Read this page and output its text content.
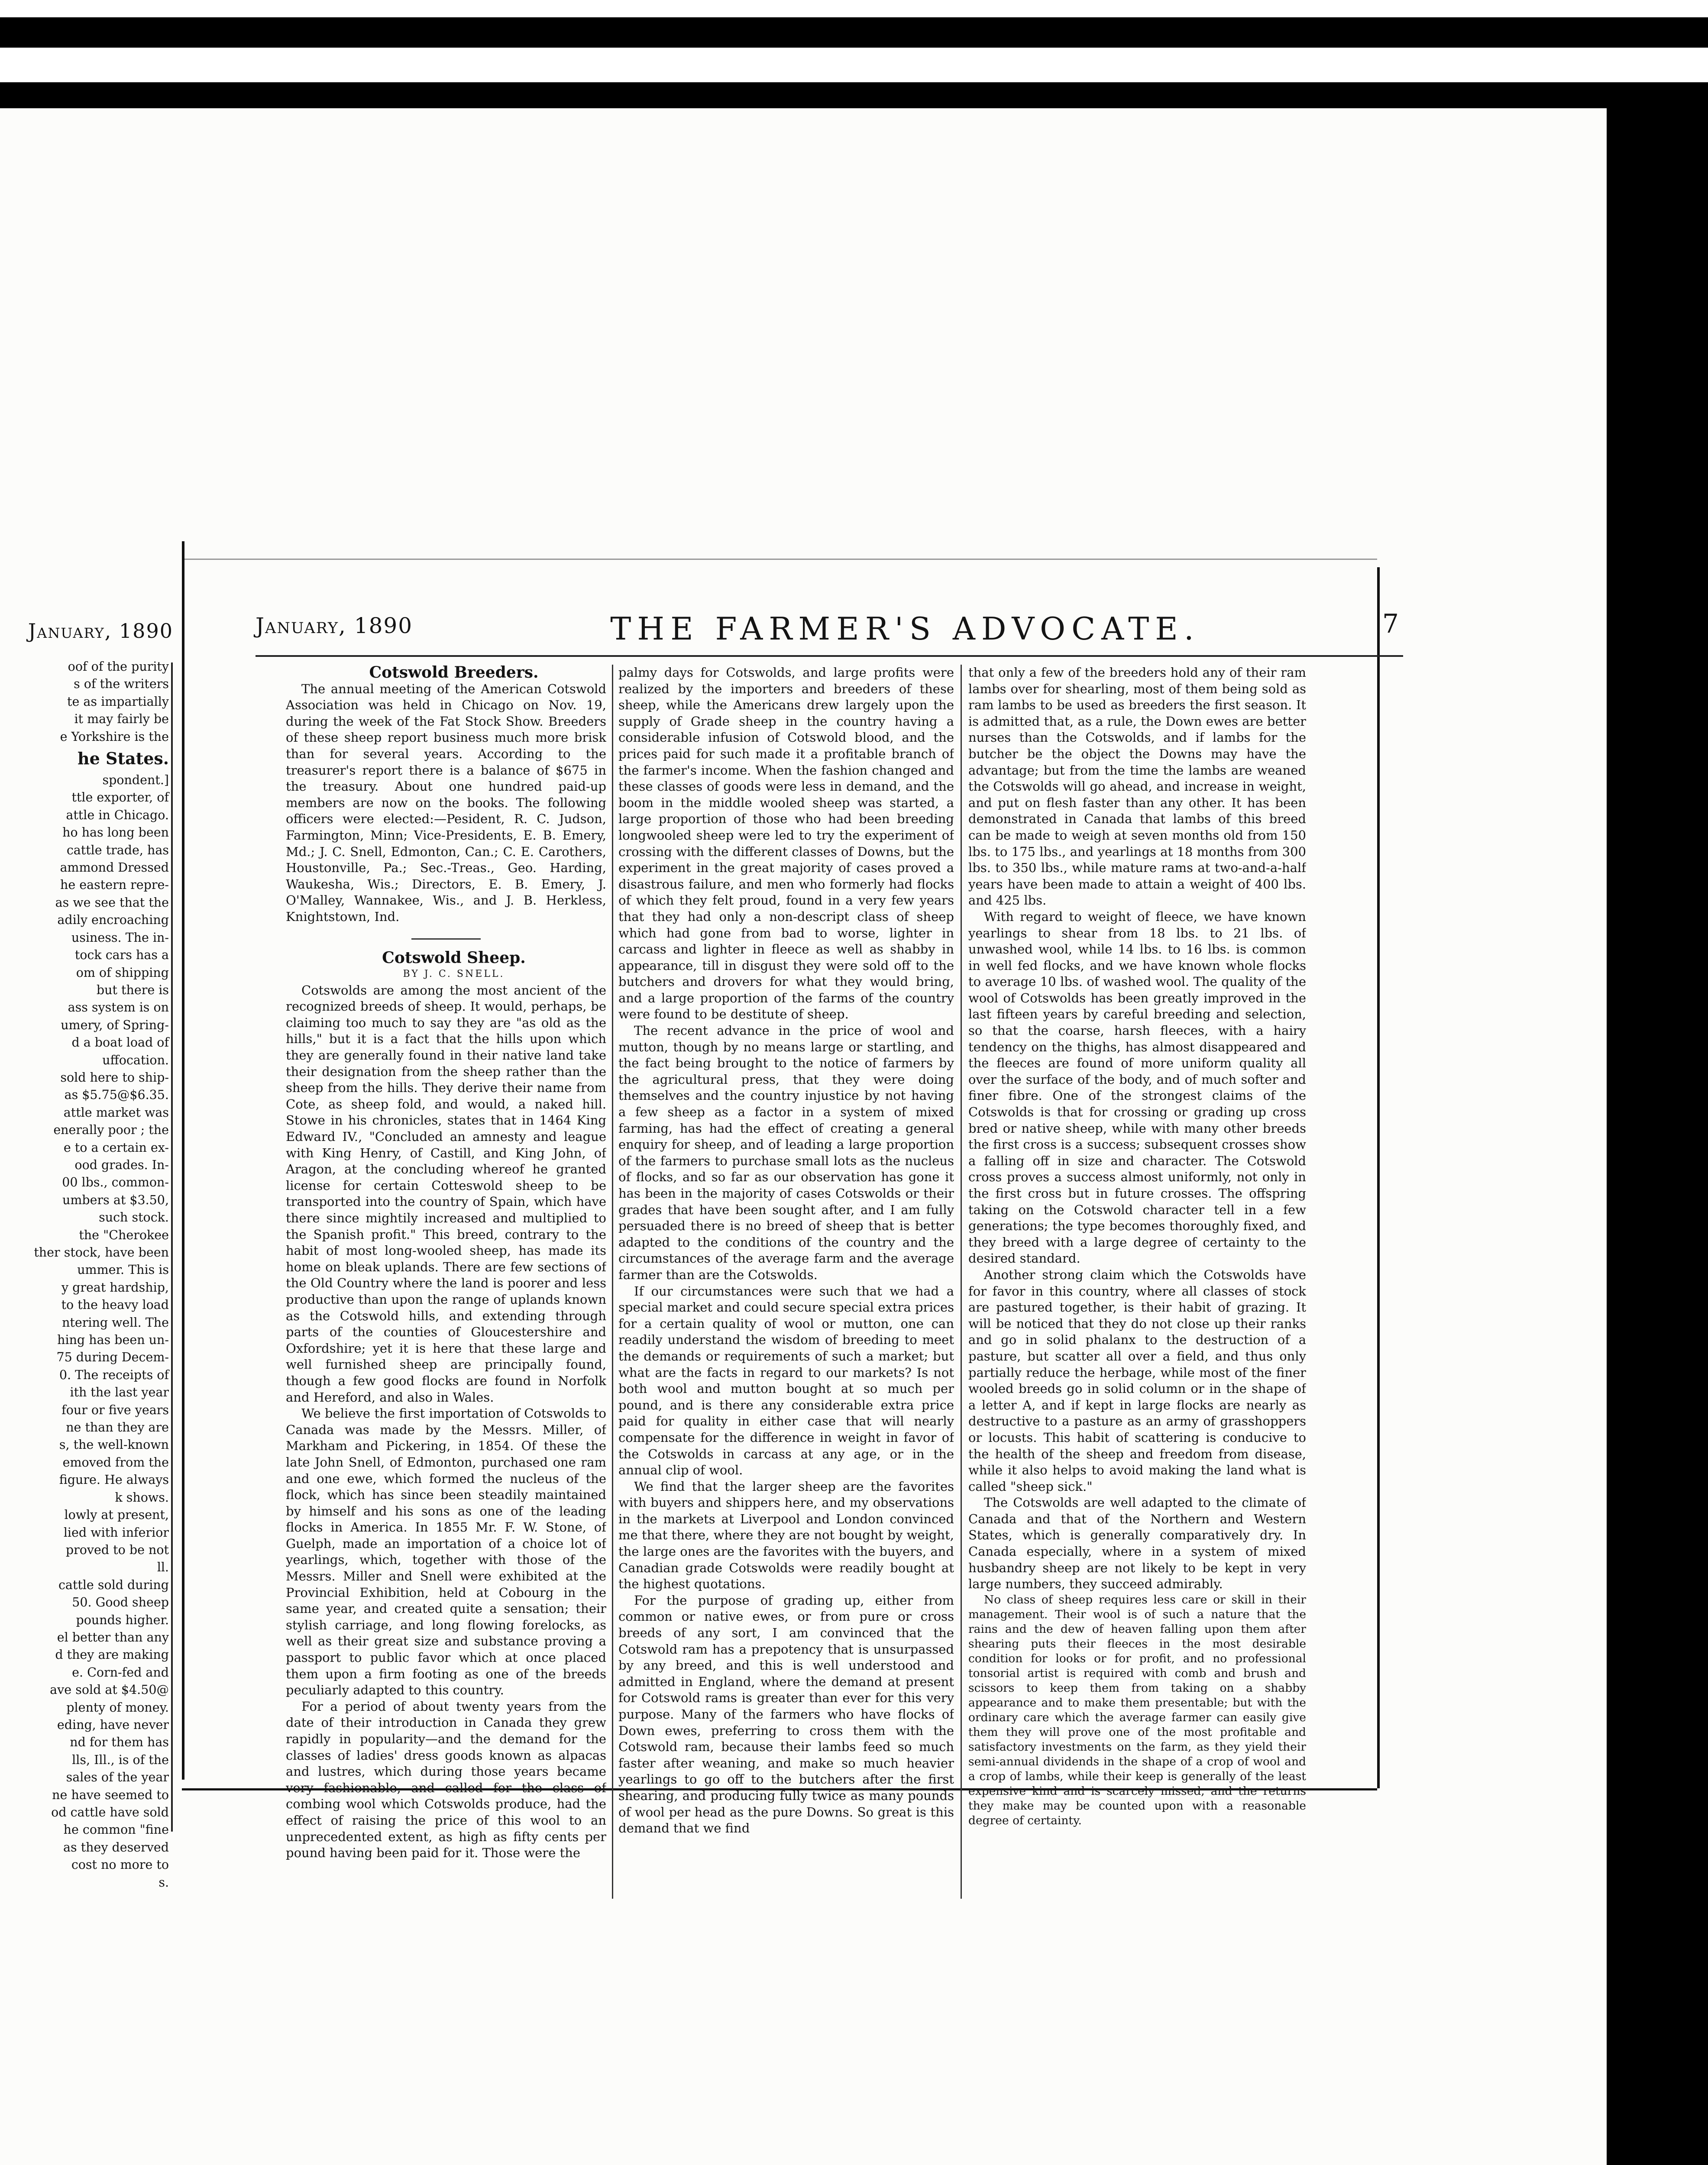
January, 1890
oof of the purity
s of the writers
te as impartially
it may fairly be
e Yorkshire is the
he States.
spondent.]
ttle exporter, of
attle in Chicago.
ho has long been
cattle trade, has
ammond Dressed
he eastern repre-
as we see that the
adily encroaching
usiness. The in-
tock cars has a
om of shipping
but there is
ass system is on
umery, of Spring-
d a boat load of
uffocation.
sold here to ship-
as $5.75@$6.35.
attle market was
enerally poor ; the
e to a certain ex-
ood grades. In-
00 lbs., common-
umbers at $3.50,
such stock.
the "Cherokee
ther stock, have been
ummer. This is
y great hardship,
to the heavy load
ntering well. The
hing has been un-
75 during Decem-
0. The receipts of
ith the last year
four or five years
ne than they are
s, the well-known
emoved from the
figure. He always
k shows.
lowly at present,
lied with inferior
proved to be not
ll.
cattle sold during
50. Good sheep
pounds higher.
el better than any
d they are making
e. Corn-fed and
ave sold at $4.50@
plenty of money.
eding, have never
nd for them has
lls, Ill., is of the
sales of the year
ne have seemed to
od cattle have sold
he common "fine
as they deserved
cost no more to
s.
January, 1890	THE FARMER'S ADVOCATE.	7

Cotswold Breeders.

The annual meeting of the American Cotswold Association was held in Chicago on Nov. 19, during the week of the Fat Stock Show. Breeders of these sheep report business much more brisk than for several years. According to the treasurer's report there is a balance of $675 in the treasury. About one hundred paid-up members are now on the books. The following officers were elected:—Pesident, R. C. Judson, Farmington, Minn; Vice-Presidents, E. B. Emery, Md.; J. C. Snell, Edmonton, Can.; C. E. Carothers, Houstonville, Pa.; Sec.-Treas., Geo. Harding, Waukesha, Wis.; Directors, E. B. Emery, J. O'Malley, Wannakee, Wis., and J. B. Herkless, Knightstown, Ind.

Cotswold Sheep.

BY J. C. SNELL.

Cotswolds are among the most ancient of the recognized breeds of sheep. It would, perhaps, be claiming too much to say they are "as old as the hills," but it is a fact that the hills upon which they are generally found in their native land take their designation from the sheep rather than the sheep from the hills. They derive their name from Cote, as sheep fold, and would, a naked hill. Stowe in his chronicles, states that in 1464 King Edward IV., "Concluded an amnesty and league with King Henry, of Castill, and King John, of Aragon, at the concluding whereof he granted license for certain Cotteswold sheep to be transported into the country of Spain, which have there since mightily increased and multiplied to the Spanish profit." This breed, contrary to the habit of most long-wooled sheep, has made its home on bleak uplands. There are few sections of the Old Country where the land is poorer and less productive than upon the range of uplands known as the Cotswold hills, and extending through parts of the counties of Gloucestershire and Oxfordshire; yet it is here that these large and well furnished sheep are principally found, though a few good flocks are found in Norfolk and Hereford, and also in Wales.

We believe the first importation of Cotswolds to Canada was made by the Messrs. Miller, of Markham and Pickering, in 1854. Of these the late John Snell, of Edmonton, purchased one ram and one ewe, which formed the nucleus of the flock, which has since been steadily maintained by himself and his sons as one of the leading flocks in America. In 1855 Mr. F. W. Stone, of Guelph, made an importation of a choice lot of yearlings, which, together with those of the Messrs. Miller and Snell were exhibited at the Provincial Exhibition, held at Cobourg in the same year, and created quite a sensation; their stylish carriage, and long flowing forelocks, as well as their great size and substance proving a passport to public favor which at once placed them upon a firm footing as one of the breeds peculiarly adapted to this country.

For a period of about twenty years from the date of their introduction in Canada they grew rapidly in popularity—and the demand for the classes of ladies' dress goods known as alpacas and lustres, which during those years became very fashionable, and called for the class of combing wool which Cotswolds produce, had the effect of raising the price of this wool to an unprecedented extent, as high as fifty cents per pound having been paid for it. Those were the

palmy days for Cotswolds, and large profits were realized by the importers and breeders of these sheep, while the Americans drew largely upon the supply of Grade sheep in the country having a considerable infusion of Cotswold blood, and the prices paid for such made it a profitable branch of the farmer's income. When the fashion changed and these classes of goods were less in demand, and the boom in the middle wooled sheep was started, a large proportion of those who had been breeding longwooled sheep were led to try the experiment of crossing with the different classes of Downs, but the experiment in the great majority of cases proved a disastrous failure, and men who formerly had flocks of which they felt proud, found in a very few years that they had only a non-descript class of sheep which had gone from bad to worse, lighter in carcass and lighter in fleece as well as shabby in appearance, till in disgust they were sold off to the butchers and drovers for what they would bring, and a large proportion of the farms of the country were found to be destitute of sheep.

The recent advance in the price of wool and mutton, though by no means large or startling, and the fact being brought to the notice of farmers by the agricultural press, that they were doing themselves and the country injustice by not having a few sheep as a factor in a system of mixed farming, has had the effect of creating a general enquiry for sheep, and of leading a large proportion of the farmers to purchase small lots as the nucleus of flocks, and so far as our observation has gone it has been in the majority of cases Cotswolds or their grades that have been sought after, and I am fully persuaded there is no breed of sheep that is better adapted to the conditions of the country and the circumstances of the average farm and the average farmer than are the Cotswolds.

If our circumstances were such that we had a special market and could secure special extra prices for a certain quality of wool or mutton, one can readily understand the wisdom of breeding to meet the demands or requirements of such a market; but what are the facts in regard to our markets? Is not both wool and mutton bought at so much per pound, and is there any considerable extra price paid for quality in either case that will nearly compensate for the difference in weight in favor of the Cotswolds in carcass at any age, or in the annual clip of wool.

We find that the larger sheep are the favorites with buyers and shippers here, and my observations in the markets at Liverpool and London convinced me that there, where they are not bought by weight, the large ones are the favorites with the buyers, and Canadian grade Cotswolds were readily bought at the highest quotations.

For the purpose of grading up, either from common or native ewes, or from pure or cross breeds of any sort, I am convinced that the Cotswold ram has a prepotency that is unsurpassed by any breed, and this is well understood and admitted in England, where the demand at present for Cotswold rams is greater than ever for this very purpose. Many of the farmers who have flocks of Down ewes, preferring to cross them with the Cotswold ram, because their lambs feed so much faster after weaning, and make so much heavier yearlings to go off to the butchers after the first shearing, and producing fully twice as many pounds of wool per head as the pure Downs. So great is this demand that we find

that only a few of the breeders hold any of their ram lambs over for shearling, most of them being sold as ram lambs to be used as breeders the first season. It is admitted that, as a rule, the Down ewes are better nurses than the Cotswolds, and if lambs for the butcher be the object the Downs may have the advantage; but from the time the lambs are weaned the Cotswolds will go ahead, and increase in weight, and put on flesh faster than any other. It has been demonstrated in Canada that lambs of this breed can be made to weigh at seven months old from 150 lbs. to 175 lbs., and yearlings at 18 months from 300 lbs. to 350 lbs., while mature rams at two-and-a-half years have been made to attain a weight of 400 lbs. and 425 lbs.

With regard to weight of fleece, we have known yearlings to shear from 18 lbs. to 21 lbs. of unwashed wool, while 14 lbs. to 16 lbs. is common in well fed flocks, and we have known whole flocks to average 10 lbs. of washed wool. The quality of the wool of Cotswolds has been greatly improved in the last fifteen years by careful breeding and selection, so that the coarse, harsh fleeces, with a hairy tendency on the thighs, has almost disappeared and the fleeces are found of more uniform quality all over the surface of the body, and of much softer and finer fibre. One of the strongest claims of the Cotswolds is that for crossing or grading up cross bred or native sheep, while with many other breeds the first cross is a success; subsequent crosses show a falling off in size and character. The Cotswold cross proves a success almost uniformly, not only in the first cross but in future crosses. The offspring taking on the Cotswold character tell in a few generations; the type becomes thoroughly fixed, and they breed with a large degree of certainty to the desired standard.

Another strong claim which the Cotswolds have for favor in this country, where all classes of stock are pastured together, is their habit of grazing. It will be noticed that they do not close up their ranks and go in solid phalanx to the destruction of a pasture, but scatter all over a field, and thus only partially reduce the herbage, while most of the finer wooled breeds go in solid column or in the shape of a letter A, and if kept in large flocks are nearly as destructive to a pasture as an army of grasshoppers or locusts. This habit of scattering is conducive to the health of the sheep and freedom from disease, while it also helps to avoid making the land what is called "sheep sick."

The Cotswolds are well adapted to the climate of Canada and that of the Northern and Western States, which is generally comparatively dry. In Canada especially, where in a system of mixed husbandry sheep are not likely to be kept in very large numbers, they succeed admirably.

No class of sheep requires less care or skill in their management. Their wool is of such a nature that the rains and the dew of heaven falling upon them after shearing puts their fleeces in the most desirable condition for looks or for profit, and no professional tonsorial artist is required with comb and brush and scissors to keep them from taking on a shabby appearance and to make them presentable; but with the ordinary care which the average farmer can easily give them they will prove one of the most profitable and satisfactory investments on the farm, as they yield their semi-annual dividends in the shape of a crop of wool and a crop of lambs, while their keep is generally of the least expensive kind and is scarcely missed, and the returns they make may be counted upon with a reasonable degree of certainty.
